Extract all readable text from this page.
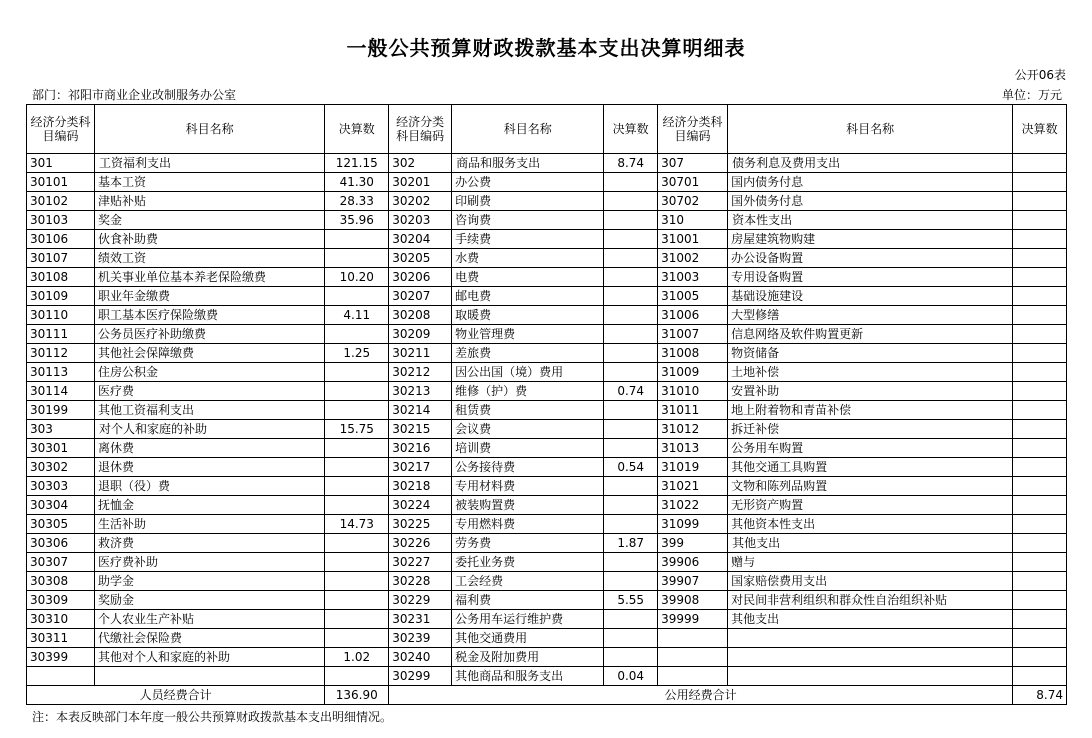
一般公共预算财政拨款基本支出决算明细表
公开06表
部门：祁阳市商业企业改制服务办公室	单位：万元
经济分类科目编码	科目名称	决算数	经济分类科目编码	科目名称	决算数	经济分类科目编码	科目名称	决算数
301	工资福利支出	121.15	302	商品和服务支出	8.74	307	债务利息及费用支出	
30101	基本工资	41.30	30201	办公费		30701	国内债务付息	
30102	津贴补贴	28.33	30202	印刷费		30702	国外债务付息	
30103	奖金	35.96	30203	咨询费		310	资本性支出	
30106	伙食补助费		30204	手续费		31001	房屋建筑物购建	
30107	绩效工资		30205	水费		31002	办公设备购置	
30108	机关事业单位基本养老保险缴费	10.20	30206	电费		31003	专用设备购置	
30109	职业年金缴费		30207	邮电费		31005	基础设施建设	
30110	职工基本医疗保险缴费	4.11	30208	取暖费		31006	大型修缮	
30111	公务员医疗补助缴费		30209	物业管理费		31007	信息网络及软件购置更新	
30112	其他社会保障缴费	1.25	30211	差旅费		31008	物资储备	
30113	住房公积金		30212	因公出国（境）费用		31009	土地补偿	
30114	医疗费		30213	维修（护）费	0.74	31010	安置补助	
30199	其他工资福利支出		30214	租赁费		31011	地上附着物和青苗补偿	
303	对个人和家庭的补助	15.75	30215	会议费		31012	拆迁补偿	
30301	离休费		30216	培训费		31013	公务用车购置	
30302	退休费		30217	公务接待费	0.54	31019	其他交通工具购置	
30303	退职（役）费		30218	专用材料费		31021	文物和陈列品购置	
30304	抚恤金		30224	被装购置费		31022	无形资产购置	
30305	生活补助	14.73	30225	专用燃料费		31099	其他资本性支出	
30306	救济费		30226	劳务费	1.87	399	其他支出	
30307	医疗费补助		30227	委托业务费		39906	赠与	
30308	助学金		30228	工会经费		39907	国家赔偿费用支出	
30309	奖励金		30229	福利费	5.55	39908	对民间非营利组织和群众性自治组织补贴	
30310	个人农业生产补贴		30231	公务用车运行维护费		39999	其他支出	
30311	代缴社会保险费		30239	其他交通费用				
30399	其他对个人和家庭的补助	1.02	30240	税金及附加费用				
			30299	其他商品和服务支出	0.04			
人员经费合计		136.90	公用经费合计					8.74
注：本表反映部门本年度一般公共预算财政拨款基本支出明细情况。
